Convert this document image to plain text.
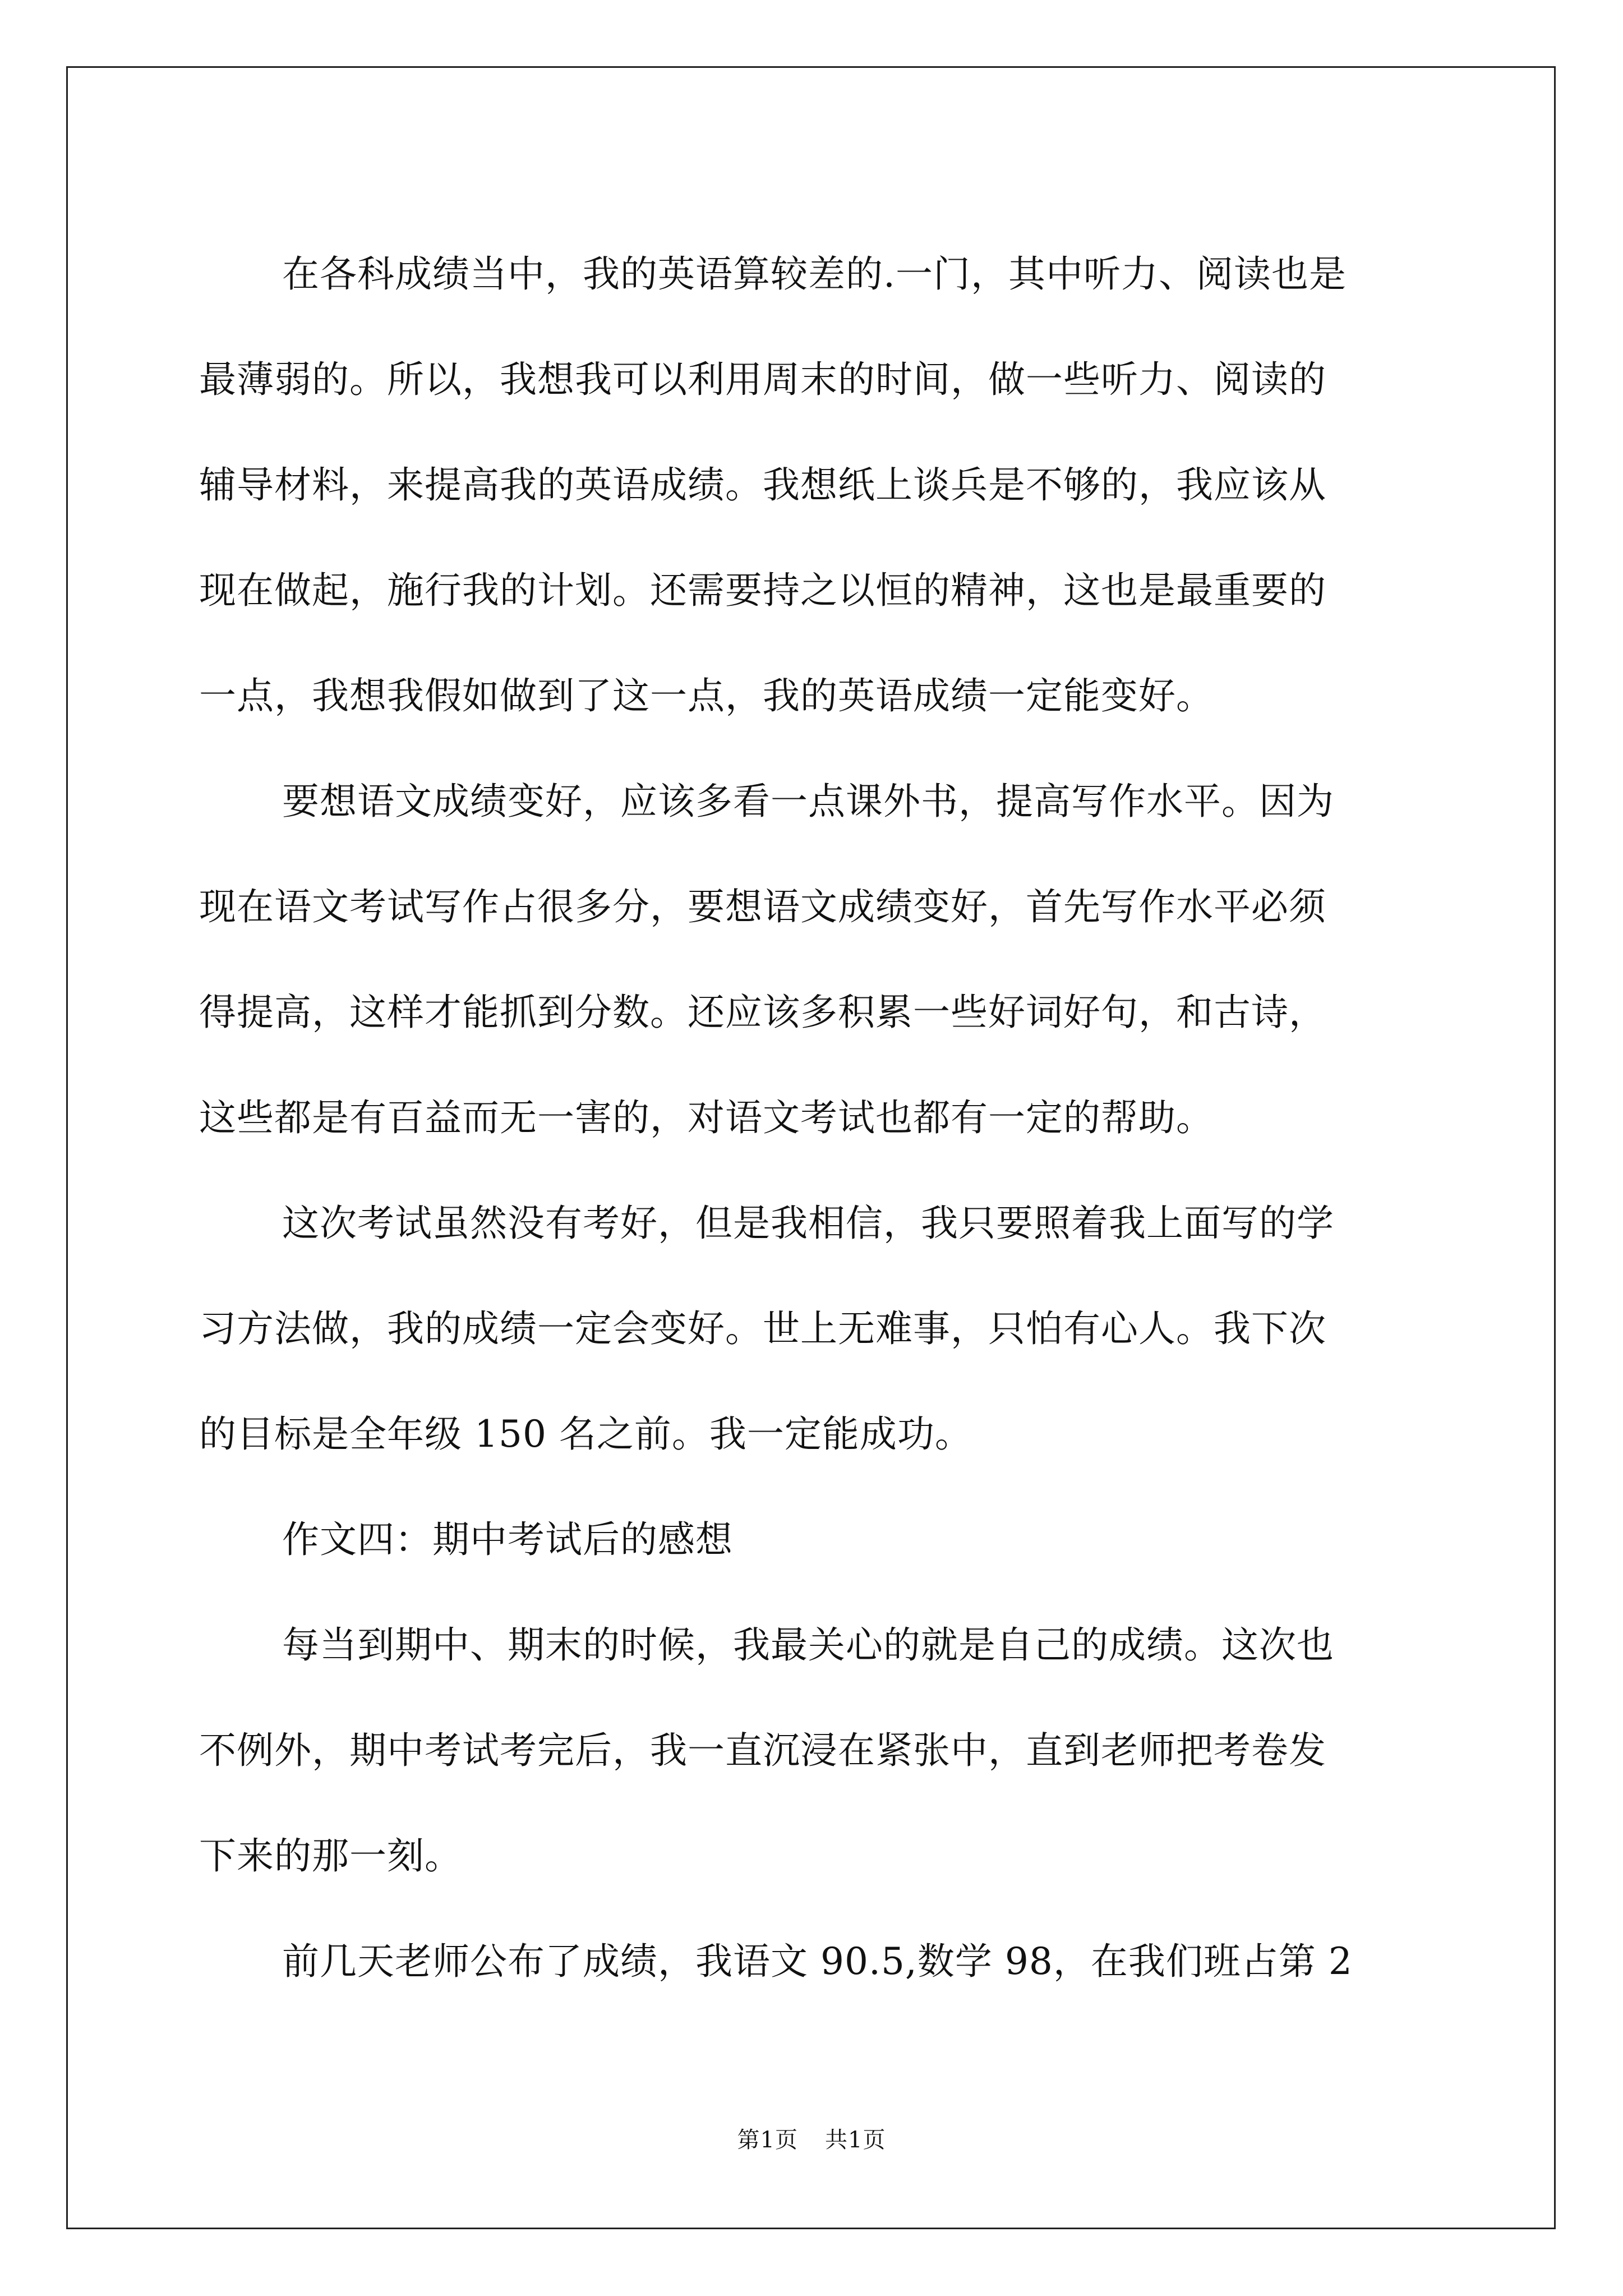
在各科成绩当中，我的英语算较差的.一门，其中听力、阅读也是
最薄弱的。所以，我想我可以利用周末的时间，做一些听力、阅读的
辅导材料，来提高我的英语成绩。我想纸上谈兵是不够的，我应该从
现在做起，施行我的计划。还需要持之以恒的精神，这也是最重要的
一点，我想我假如做到了这一点，我的英语成绩一定能变好。
要想语文成绩变好，应该多看一点课外书，提高写作水平。因为
现在语文考试写作占很多分，要想语文成绩变好，首先写作水平必须
得提高，这样才能抓到分数。还应该多积累一些好词好句，和古诗，
这些都是有百益而无一害的，对语文考试也都有一定的帮助。
这次考试虽然没有考好，但是我相信，我只要照着我上面写的学
习方法做，我的成绩一定会变好。世上无难事，只怕有心人。我下次
的目标是全年级 150 名之前。我一定能成功。
作文四：期中考试后的感想
每当到期中、期末的时候，我最关心的就是自己的成绩。这次也
不例外，期中考试考完后，我一直沉浸在紧张中，直到老师把考卷发
下来的那一刻。
前几天老师公布了成绩，我语文 90.5,数学 98，在我们班占第 2
第1页 共1页
